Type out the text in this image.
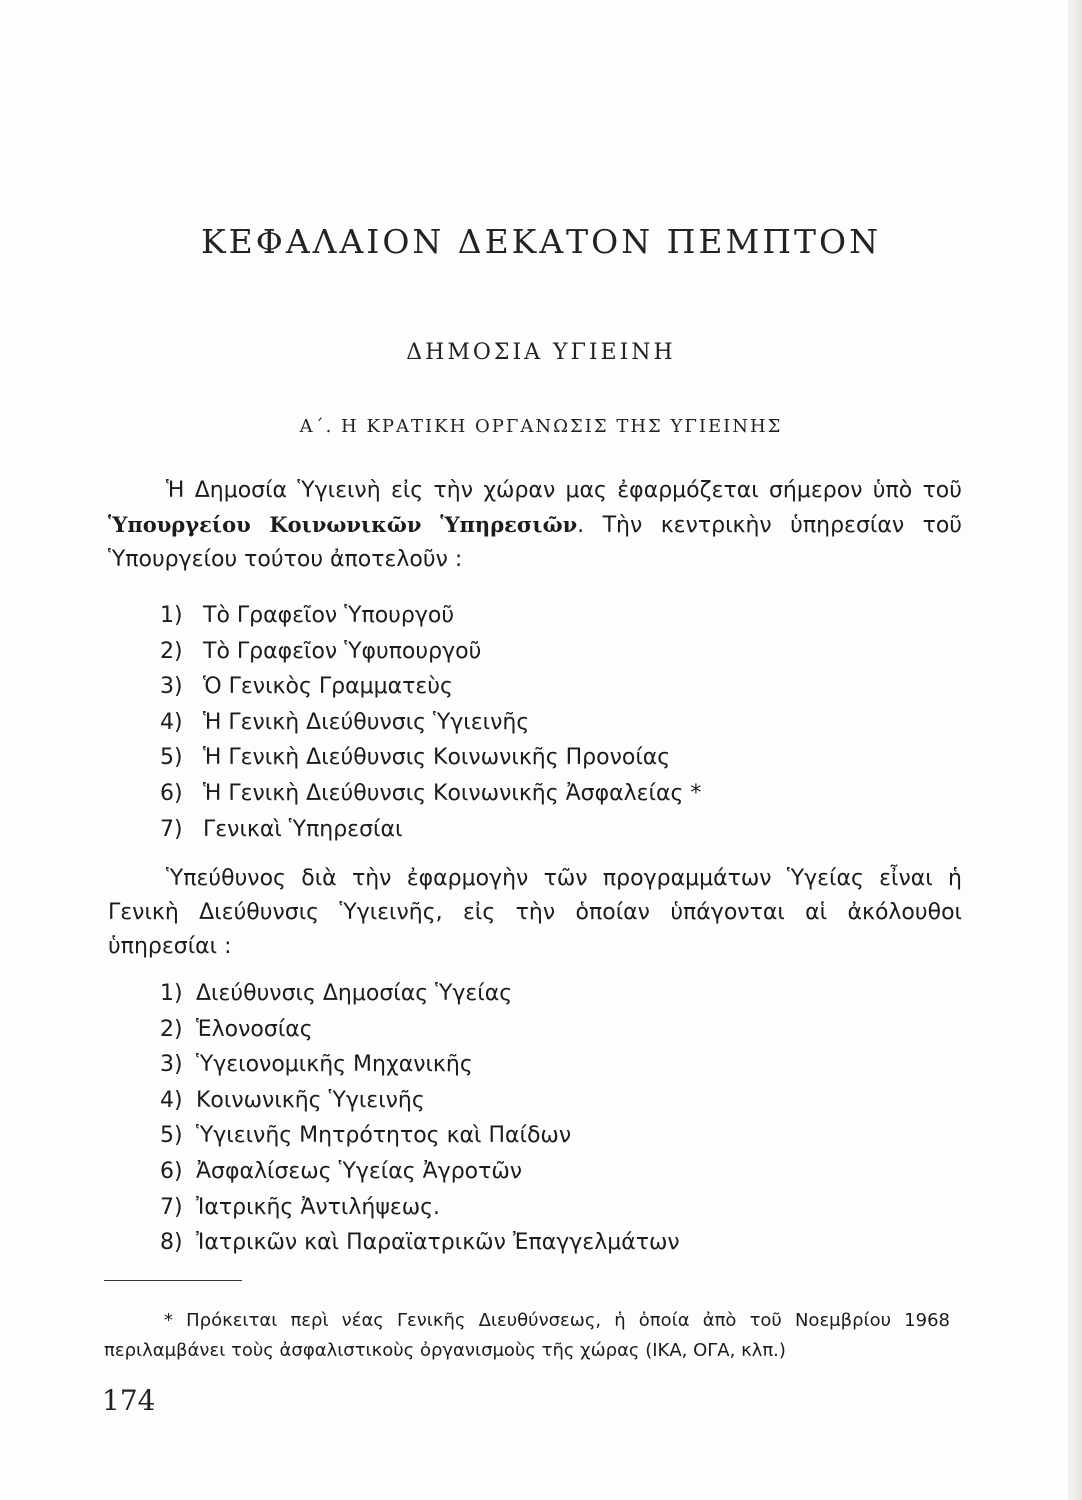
ΚΕΦΑΛΑΙΟΝ ΔΕΚΑΤΟΝ ΠΕΜΠΤΟΝ
ΔΗΜΟΣΙΑ ΥΓΙΕΙΝΗ
Α΄. Η ΚΡΑΤΙΚΗ ΟΡΓΑΝΩΣΙΣ ΤΗΣ ΥΓΙΕΙΝΗΣ
Ἡ Δημοσία Ὑγιεινὴ εἰς τὴν χώραν μας ἐφαρμόζεται σήμερον ὑπὸ τοῦ Ὑπουργείου Κοινωνικῶν Ὑπηρεσιῶν. Τὴν κεντρικὴν ὑπηρεσίαν τοῦ Ὑπουργείου τούτου ἀποτελοῦν :
1) Τὸ Γραφεῖον Ὑπουργοῦ
2) Τὸ Γραφεῖον Ὑφυπουργοῦ
3) Ὁ Γενικὸς Γραμματεὺς
4) Ἡ Γενικὴ Διεύθυνσις Ὑγιεινῆς
5) Ἡ Γενικὴ Διεύθυνσις Κοινωνικῆς Προνοίας
6) Ἡ Γενικὴ Διεύθυνσις Κοινωνικῆς Ἀσφαλείας *
7) Γενικαὶ Ὑπηρεσίαι
Ὑπεύθυνος διὰ τὴν ἐφαρμογὴν τῶν προγραμμάτων Ὑγείας εἶναι ἡ Γενικὴ Διεύθυνσις Ὑγιεινῆς, εἰς τὴν ὁποίαν ὑπάγονται αἱ ἀκόλουθοι ὑπηρεσίαι :
1) Διεύθυνσις Δημοσίας Ὑγείας
2) Ἑλονοσίας
3) Ὑγειονομικῆς Μηχανικῆς
4) Κοινωνικῆς Ὑγιεινῆς
5) Ὑγιεινῆς Μητρότητος καὶ Παίδων
6) Ἀσφαλίσεως Ὑγείας Ἀγροτῶν
7) Ἰατρικῆς Ἀντιλήψεως.
8) Ἰατρικῶν καὶ Παραϊατρικῶν Ἐπαγγελμάτων
* Πρόκειται περὶ νέας Γενικῆς Διευθύνσεως, ἡ ὁποία ἀπὸ τοῦ Νοεμβρίου 1968 περιλαμβάνει τοὺς ἀσφαλιστικοὺς ὀργανισμοὺς τῆς χώρας (ΙΚΑ, ΟΓΑ, κλπ.)
174
